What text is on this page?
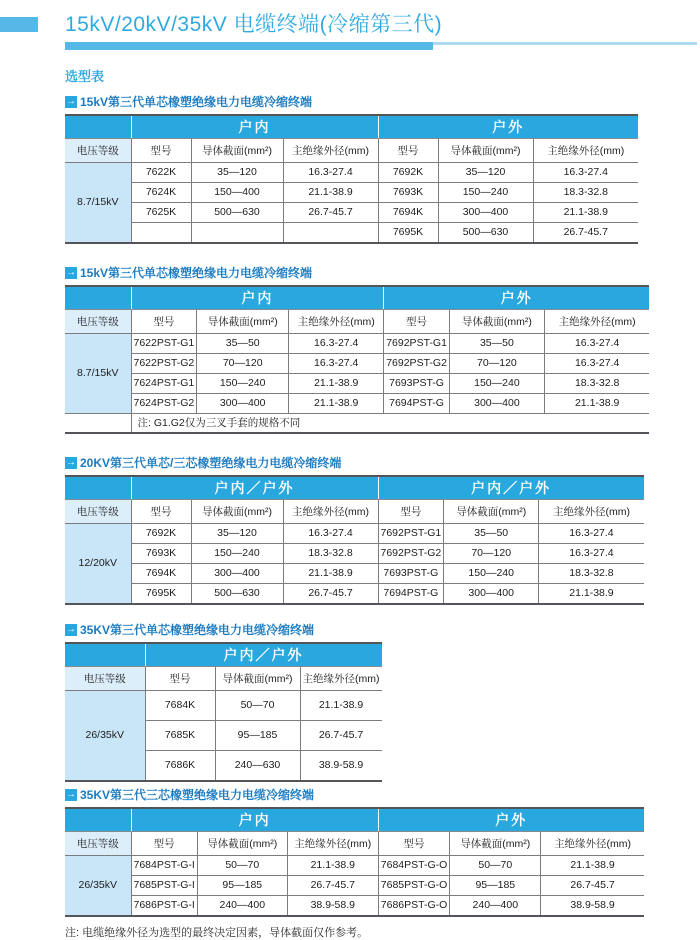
15kV/20kV/35kV 电缆终端(冷缩第三代)
选型表
→ 15kV第三代单芯橡塑绝缘电力电缆冷缩终端
	户内			户外		
电压等级	型号	导体截面(mm²)	主绝缘外径(mm)	型号	导体截面(mm²)	主绝缘外径(mm)
8.7/15kV	7622K	35—120	16.3-27.4	7692K	35—120	16.3-27.4
	7624K	150—400	21.1-38.9	7693K	150—240	18.3-32.8
	7625K	500—630	26.7-45.7	7694K	300—400	21.1-38.9
				7695K	500—630	26.7-45.7
→ 15kV第三代单芯橡塑绝缘电力电缆冷缩终端
	户内			户外		
电压等级	型号	导体截面(mm²)	主绝缘外径(mm)	型号	导体截面(mm²)	主绝缘外径(mm)
8.7/15kV	7622PST-G1	35—50	16.3-27.4	7692PST-G1	35—50	16.3-27.4
	7622PST-G2	70—120	16.3-27.4	7692PST-G2	70—120	16.3-27.4
	7624PST-G1	150—240	21.1-38.9	7693PST-G	150—240	18.3-32.8
	7624PST-G2	300—400	21.1-38.9	7694PST-G	300—400	21.1-38.9
	注: G1.G2仅为三叉手套的规格不同					
→ 20KV第三代单芯/三芯橡塑绝缘电力电缆冷缩终端
	户内／户外			户内／户外		
电压等级	型号	导体截面(mm²)	主绝缘外径(mm)	型号	导体截面(mm²)	主绝缘外径(mm)
12/20kV	7692K	35—120	16.3-27.4	7692PST-G1	35—50	16.3-27.4
	7693K	150—240	18.3-32.8	7692PST-G2	70—120	16.3-27.4
	7694K	300—400	21.1-38.9	7693PST-G	150—240	18.3-32.8
	7695K	500—630	26.7-45.7	7694PST-G	300—400	21.1-38.9
→ 35KV第三代单芯橡塑绝缘电力电缆冷缩终端
	户内／户外		
电压等级	型号	导体截面(mm²)	主绝缘外径(mm)
26/35kV	7684K	50—70	21.1-38.9
	7685K	95—185	26.7-45.7
	7686K	240—630	38.9-58.9
→ 35KV第三代三芯橡塑绝缘电力电缆冷缩终端
	户内			户外		
电压等级	型号	导体截面(mm²)	主绝缘外径(mm)	型号	导体截面(mm²)	主绝缘外径(mm)
26/35kV	7684PST-G-I	50—70	21.1-38.9	7684PST-G-O	50—70	21.1-38.9
	7685PST-G-I	95—185	26.7-45.7	7685PST-G-O	95—185	26.7-45.7
	7686PST-G-I	240—400	38.9-58.9	7686PST-G-O	240—400	38.9-58.9
注: 电缆绝缘外径为选型的最终决定因素，导体截面仅作参考。
